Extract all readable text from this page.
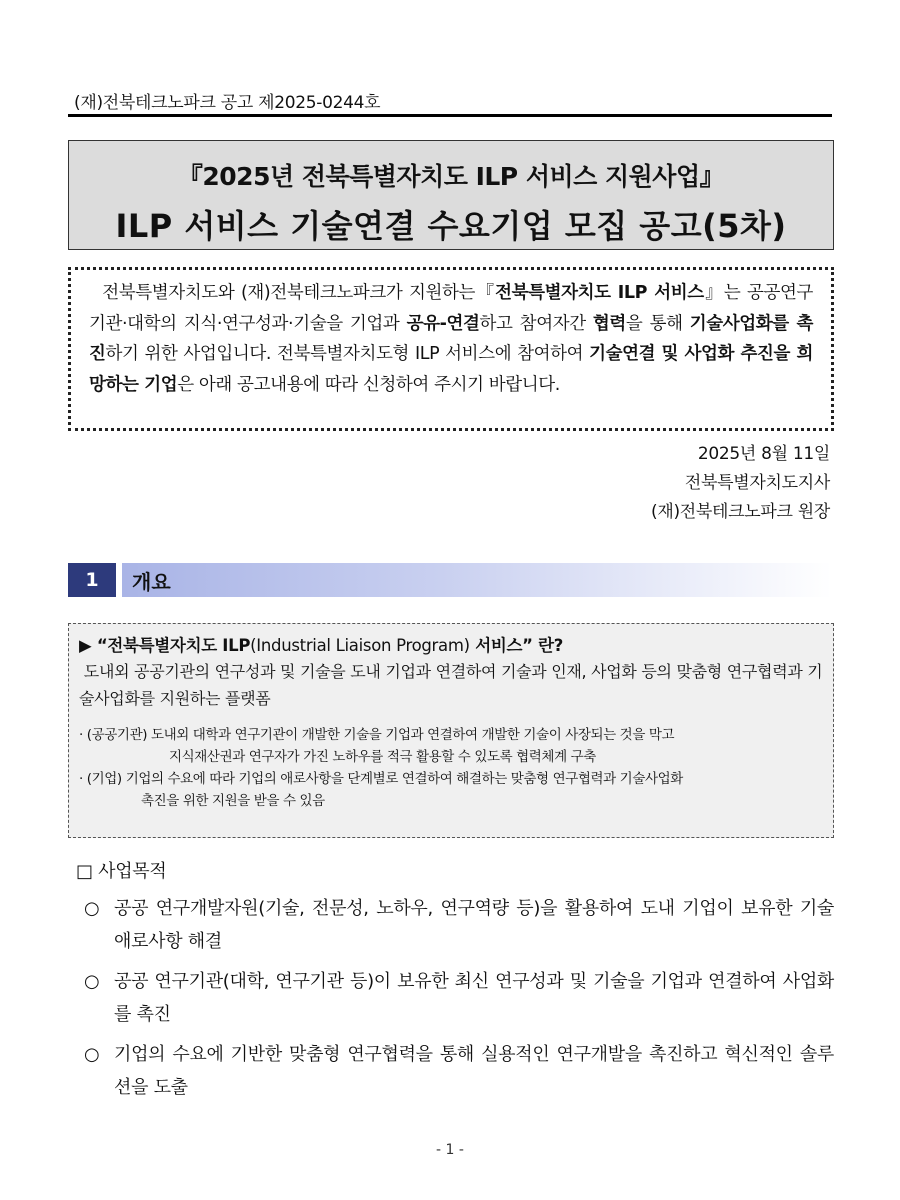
(재)전북테크노파크 공고 제2025-0244호
『2025년 전북특별자치도 ILP 서비스 지원사업』
ILP 서비스 기술연결 수요기업 모집 공고(5차)
전북특별자치도와 (재)전북테크노파크가 지원하는『전북특별자치도 ILP 서비스』는 공공연구기관·대학의 지식·연구성과·기술을 기업과 공유-연결하고 참여자간 협력을 통해 기술사업화를 촉진하기 위한 사업입니다. 전북특별자치도형 ILP 서비스에 참여하여 기술연결 및 사업화 추진을 희망하는 기업은 아래 공고내용에 따라 신청하여 주시기 바랍니다.
2025년 8월 11일
전북특별자치도지사
(재)전북테크노파크 원장
1	개요
▶ “전북특별자치도 ILP(Industrial Liaison Program) 서비스” 란?
도내외 공공기관의 연구성과 및 기술을 도내 기업과 연결하여 기술과 인재, 사업화 등의 맞춤형 연구협력과 기술사업화를 지원하는 플랫폼
· (공공기관) 도내외 대학과 연구기관이 개발한 기술을 기업과 연결하여 개발한 기술이 사장되는 것을 막고
지식재산권과 연구자가 가진 노하우를 적극 활용할 수 있도록 협력체계 구축
· (기업) 기업의 수요에 따라 기업의 애로사항을 단계별로 연결하여 해결하는 맞춤형 연구협력과 기술사업화
촉진을 위한 지원을 받을 수 있음
□ 사업목적
○ 공공 연구개발자원(기술, 전문성, 노하우, 연구역량 등)을 활용하여 도내 기업이 보유한 기술 애로사항 해결
○ 공공 연구기관(대학, 연구기관 등)이 보유한 최신 연구성과 및 기술을 기업과 연결하여 사업화를 촉진
○ 기업의 수요에 기반한 맞춤형 연구협력을 통해 실용적인 연구개발을 촉진하고 혁신적인 솔루션을 도출
- 1 -
